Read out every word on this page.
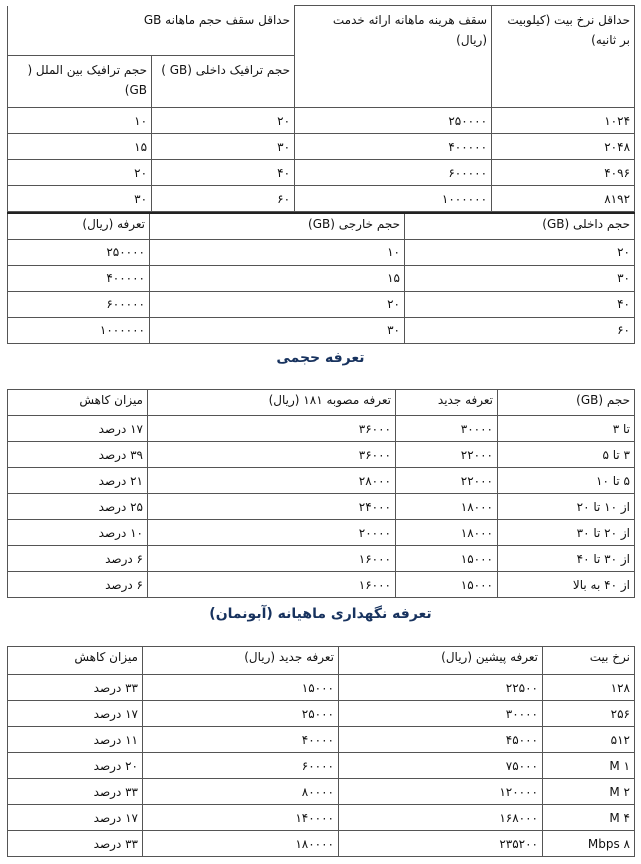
حداقل نرخ بیت (کیلوبیت بر ثانیه)	سقف هرینه ماهانه ارائه خدمت (ریال)	حداقل سقف حجم ماهانه GB	
		حجم ترافیک داخلی (GB )	حجم ترافیک بین الملل ( GB)
۱۰۲۴	۲۵۰۰۰۰	۲۰	۱۰
۲۰۴۸	۴۰۰۰۰۰	۳۰	۱۵
۴۰۹۶	۶۰۰۰۰۰	۴۰	۲۰
۸۱۹۲	۱۰۰۰۰۰۰	۶۰	۳۰
حجم داخلی (GB)	حجم خارجی (GB)	تعرفه (ریال)
۲۰	۱۰	۲۵۰۰۰۰
۳۰	۱۵	۴۰۰۰۰۰
۴۰	۲۰	۶۰۰۰۰۰
۶۰	۳۰	۱۰۰۰۰۰۰
تعرفه حجمی
حجم (GB)	تعرفه جدید	تعرفه مصوبه ۱۸۱ (ریال)	میزان کاهش
تا ۳	۳۰۰۰۰	۳۶۰۰۰	۱۷ درصد
۳ تا ۵	۲۲۰۰۰	۳۶۰۰۰	۳۹ درصد
۵ تا ۱۰	۲۲۰۰۰	۲۸۰۰۰	۲۱ درصد
از ۱۰ تا ۲۰	۱۸۰۰۰	۲۴۰۰۰	۲۵ درصد
از ۲۰ تا ۳۰	۱۸۰۰۰	۲۰۰۰۰	۱۰ درصد
از ۳۰ تا ۴۰	۱۵۰۰۰	۱۶۰۰۰	۶ درصد
از ۴۰ به بالا	۱۵۰۰۰	۱۶۰۰۰	۶ درصد
تعرفه نگهداری ماهیانه (آبونمان)
نرخ بیت	تعرفه پیشین (ریال)	تعرفه جدید (ریال)	میزان کاهش
۱۲۸	۲۲۵۰۰	۱۵۰۰۰	۳۳ درصد
۲۵۶	۳۰۰۰۰	۲۵۰۰۰	۱۷ درصد
۵۱۲	۴۵۰۰۰	۴۰۰۰۰	۱۱ درصد
۱ M	۷۵۰۰۰	۶۰۰۰۰	۲۰ درصد
۲ M	۱۲۰۰۰۰	۸۰۰۰۰	۳۳ درصد
۴ M	۱۶۸۰۰۰	۱۴۰۰۰۰	۱۷ درصد
۸ Mbps	۲۳۵۲۰۰	۱۸۰۰۰۰	۳۳ درصد
